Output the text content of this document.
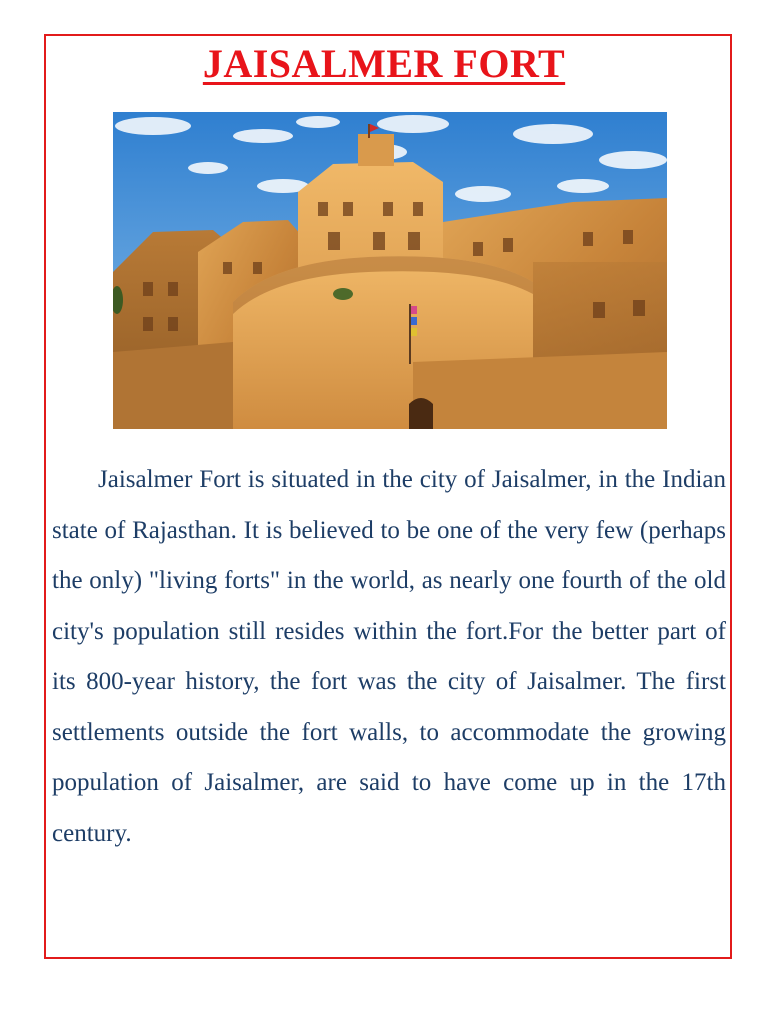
JAISALMER FORT

Jaisalmer Fort is situated in the city of Jaisalmer, in the Indian state of Rajasthan. It is believed to be one of the very few (perhaps the only) "living forts" in the world, as nearly one fourth of the old city's population still resides within the fort.For the better part of its 800-year history, the fort was the city of Jaisalmer. The first settlements outside the fort walls, to accommodate the growing population of Jaisalmer, are said to have come up in the 17th century.
